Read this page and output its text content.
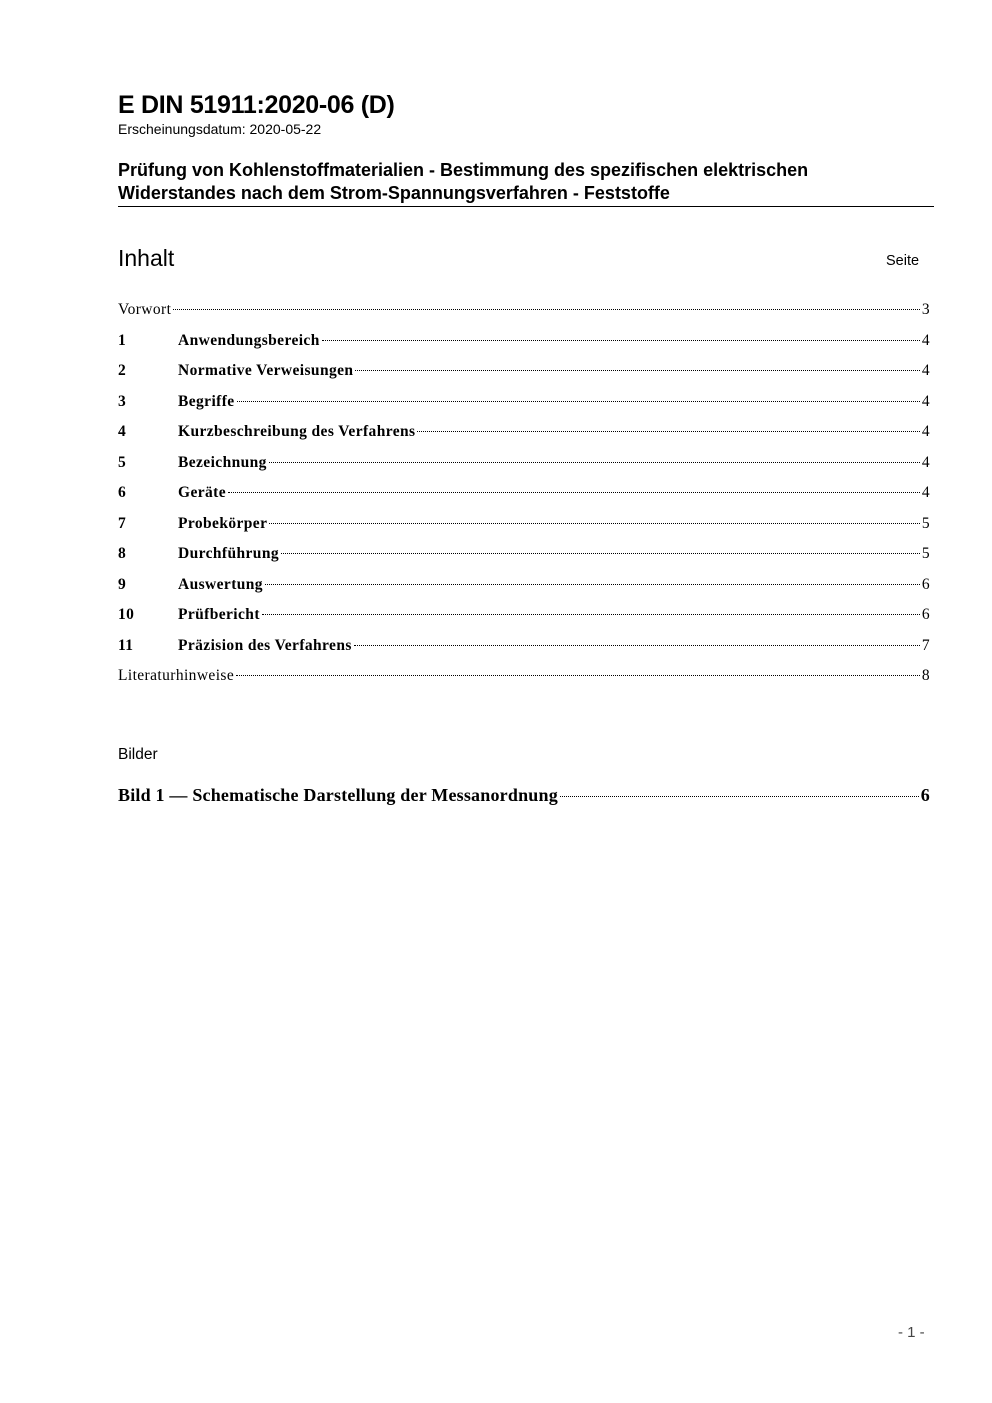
E DIN 51911:2020-06 (D)
Erscheinungsdatum: 2020-05-22
Prüfung von Kohlenstoffmaterialien - Bestimmung des spezifischen elektrischen
Widerstandes nach dem Strom-Spannungsverfahren - Feststoffe
Inhalt	Seite
Vorwort	3
1	Anwendungsbereich	4
2	Normative Verweisungen	4
3	Begriffe	4
4	Kurzbeschreibung des Verfahrens	4
5	Bezeichnung	4
6	Geräte	4
7	Probekörper	5
8	Durchführung	5
9	Auswertung	6
10	Prüfbericht	6
11	Präzision des Verfahrens	7
Literaturhinweise	8
Bilder
Bild 1 — Schematische Darstellung der Messanordnung	6
- 1 -
